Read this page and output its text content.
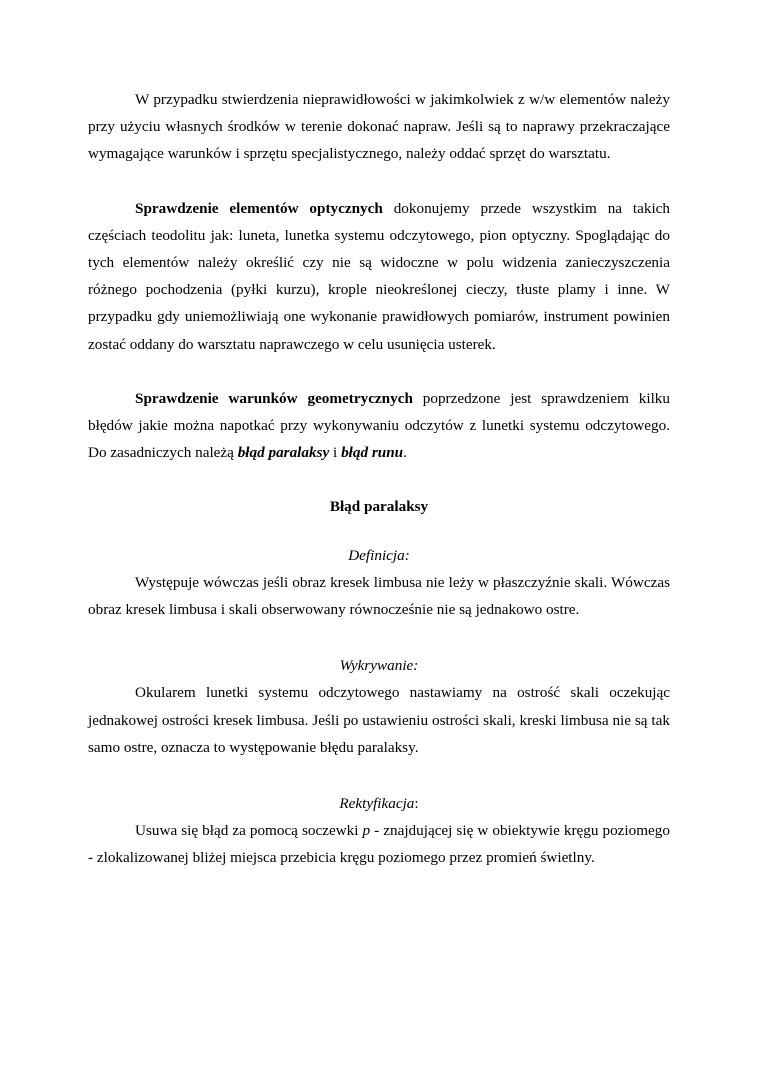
W przypadku stwierdzenia nieprawidłowości w jakimkolwiek z w/w elementów należy przy użyciu własnych środków w terenie dokonać napraw. Jeśli są to naprawy przekraczające wymagające warunków i sprzętu specjalistycznego, należy oddać sprzęt do warsztatu.

Sprawdzenie elementów optycznych dokonujemy przede wszystkim na takich częściach teodolitu jak: luneta, lunetka systemu odczytowego, pion optyczny. Spoglądając do tych elementów należy określić czy nie są widoczne w polu widzenia zanieczyszczenia różnego pochodzenia (pyłki kurzu), krople nieokreślonej cieczy, tłuste plamy i inne. W przypadku gdy uniemożliwiają one wykonanie prawidłowych pomiarów, instrument powinien zostać oddany do warsztatu naprawczego w celu usunięcia usterek.

Sprawdzenie warunków geometrycznych poprzedzone jest sprawdzeniem kilku błędów jakie można napotkać przy wykonywaniu odczytów z lunetki systemu odczytowego. Do zasadniczych należą błąd paralaksy i błąd runu.

Błąd paralaksy

Definicja:

Występuje wówczas jeśli obraz kresek limbusa nie leży w płaszczyźnie skali. Wówczas obraz kresek limbusa i skali obserwowany równocześnie nie są jednakowo ostre.

Wykrywanie:

Okularem lunetki systemu odczytowego nastawiamy na ostrość skali oczekując jednakowej ostrości kresek limbusa. Jeśli po ustawieniu ostrości skali, kreski limbusa nie są tak samo ostre, oznacza to występowanie błędu paralaksy.

Rektyfikacja:

Usuwa się błąd za pomocą soczewki p - znajdującej się w obiektywie kręgu poziomego - zlokalizowanej bliżej miejsca przebicia kręgu poziomego przez promień świetlny.
